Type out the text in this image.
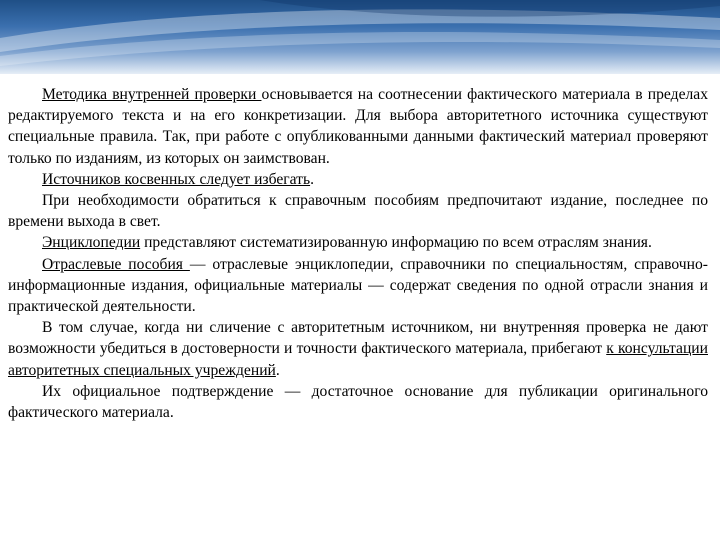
Методика внутренней проверки основывается на соотнесении фактического материала в пределах редактируемого текста и на его конкретизации. Для выбора авторитетного источника существуют специальные правила. Так, при работе с опубликованными данными фактический материал проверяют только по изданиям, из которых он заимствован.

Источников косвенных следует избегать.

При необходимости обратиться к справочным пособиям предпочитают издание, последнее по времени выхода в свет.

Энциклопедии представляют систематизированную информацию по всем отраслям знания.

Отраслевые пособия — отраслевые энциклопедии, справочники по специальностям, справочно-информационные издания, официальные материалы — содержат сведения по одной отрасли знания и практической деятельности.

В том случае, когда ни сличение с авторитетным источником, ни внутренняя проверка не дают возможности убедиться в достоверности и точности фактического материала, прибегают к консультации авторитетных специальных учреждений.

Их официальное подтверждение — достаточное основание для публикации оригинального фактического материала.
